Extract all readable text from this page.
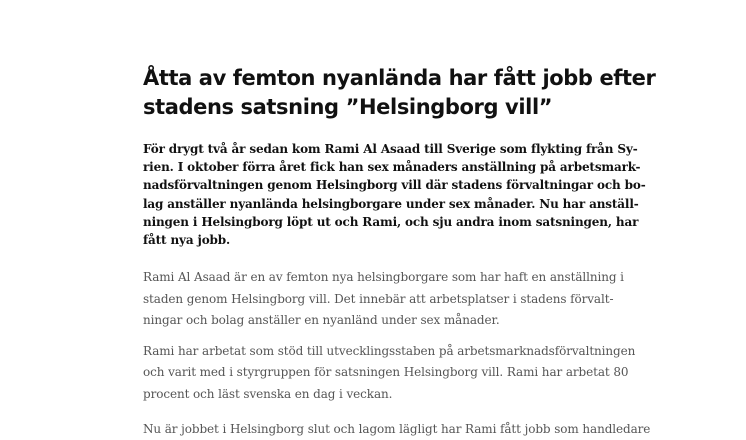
Åtta av femton nyanlända har fått jobb efter
stadens satsning ”Helsingborg vill”

För drygt två år sedan kom Rami Al Asaad till Sverige som flykting från Sy-
rien. I oktober förra året fick han sex månaders anställning på arbetsmark-
nadsförvaltningen genom Helsingborg vill där stadens förvaltningar och bo-
lag anställer nyanlända helsingborgare under sex månader. Nu har anställ-
ningen i Helsingborg löpt ut och Rami, och sju andra inom satsningen, har
fått nya jobb.

Rami Al Asaad är en av femton nya helsingborgare som har haft en anställning i
staden genom Helsingborg vill. Det innebär att arbetsplatser i stadens förvalt-
ningar och bolag anställer en nyanländ under sex månader.

Rami har arbetat som stöd till utvecklingsstaben på arbetsmarknadsförvaltningen
och varit med i styrgruppen för satsningen Helsingborg vill. Rami har arbetat 80
procent och läst svenska en dag i veckan.

Nu är jobbet i Helsingborg slut och lagom lägligt har Rami fått jobb som handledare
